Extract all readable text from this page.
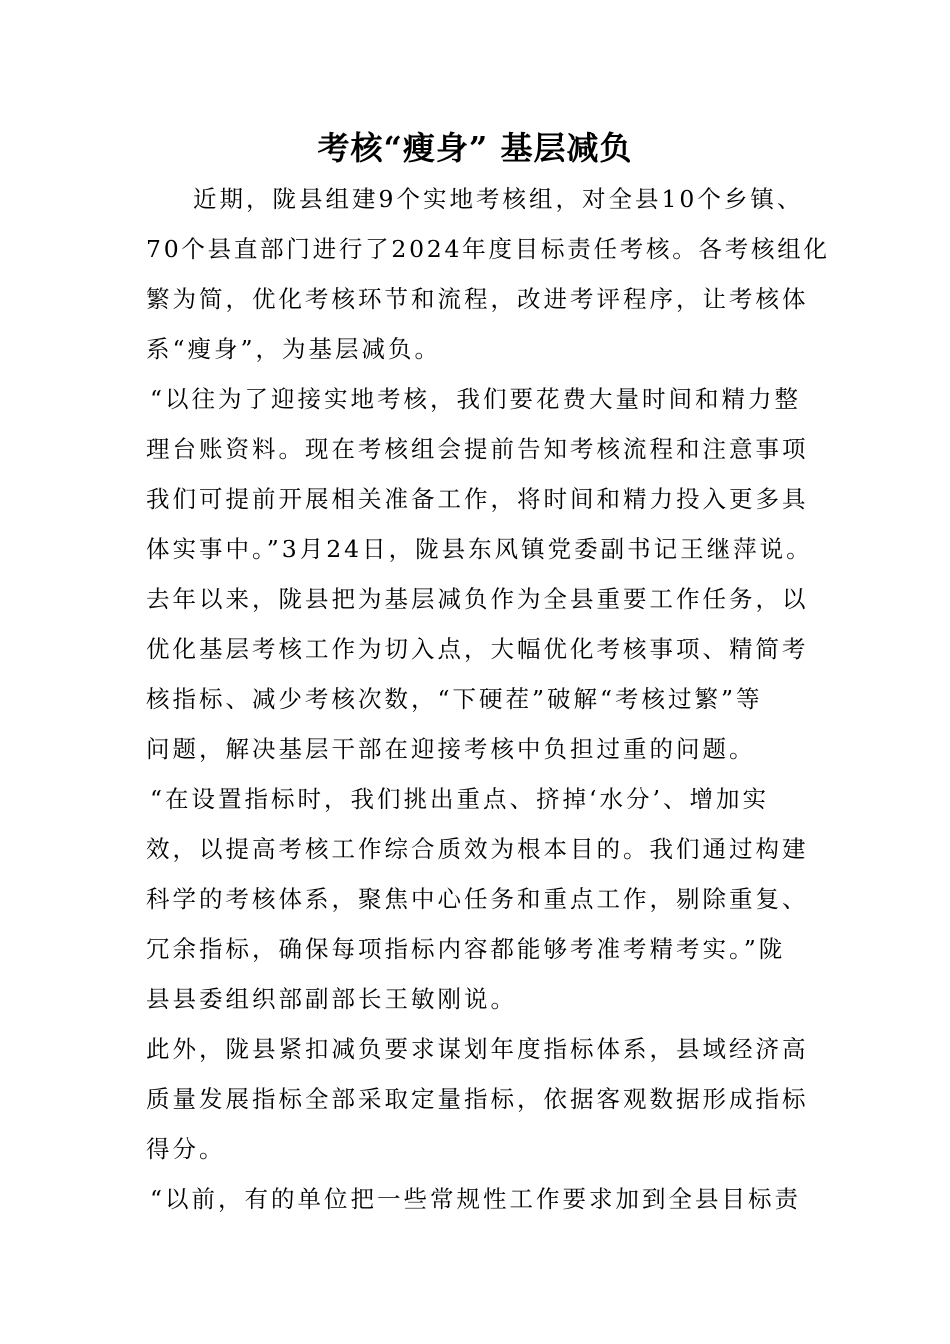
考核“瘦身” 基层减负
近期，陇县组建9个实地考核组，对全县10个乡镇、
70个县直部门进行了2024年度目标责任考核。各考核组化
繁为简，优化考核环节和流程，改进考评程序，让考核体
系“瘦身”，为基层减负。
“以往为了迎接实地考核，我们要花费大量时间和精力整
理台账资料。现在考核组会提前告知考核流程和注意事项
我们可提前开展相关准备工作，将时间和精力投入更多具
体实事中。”3月24日，陇县东风镇党委副书记王继萍说。
去年以来，陇县把为基层减负作为全县重要工作任务，以
优化基层考核工作为切入点，大幅优化考核事项、精简考
核指标、减少考核次数，“下硬茬”破解“考核过繁”等
问题，解决基层干部在迎接考核中负担过重的问题。
“在设置指标时，我们挑出重点、挤掉‘水分’、增加实
效，以提高考核工作综合质效为根本目的。我们通过构建
科学的考核体系，聚焦中心任务和重点工作，剔除重复、
冗余指标，确保每项指标内容都能够考准考精考实。”陇
县县委组织部副部长王敏刚说。
此外，陇县紧扣减负要求谋划年度指标体系，县域经济高
质量发展指标全部采取定量指标，依据客观数据形成指标
得分。
“以前，有的单位把一些常规性工作要求加到全县目标责
